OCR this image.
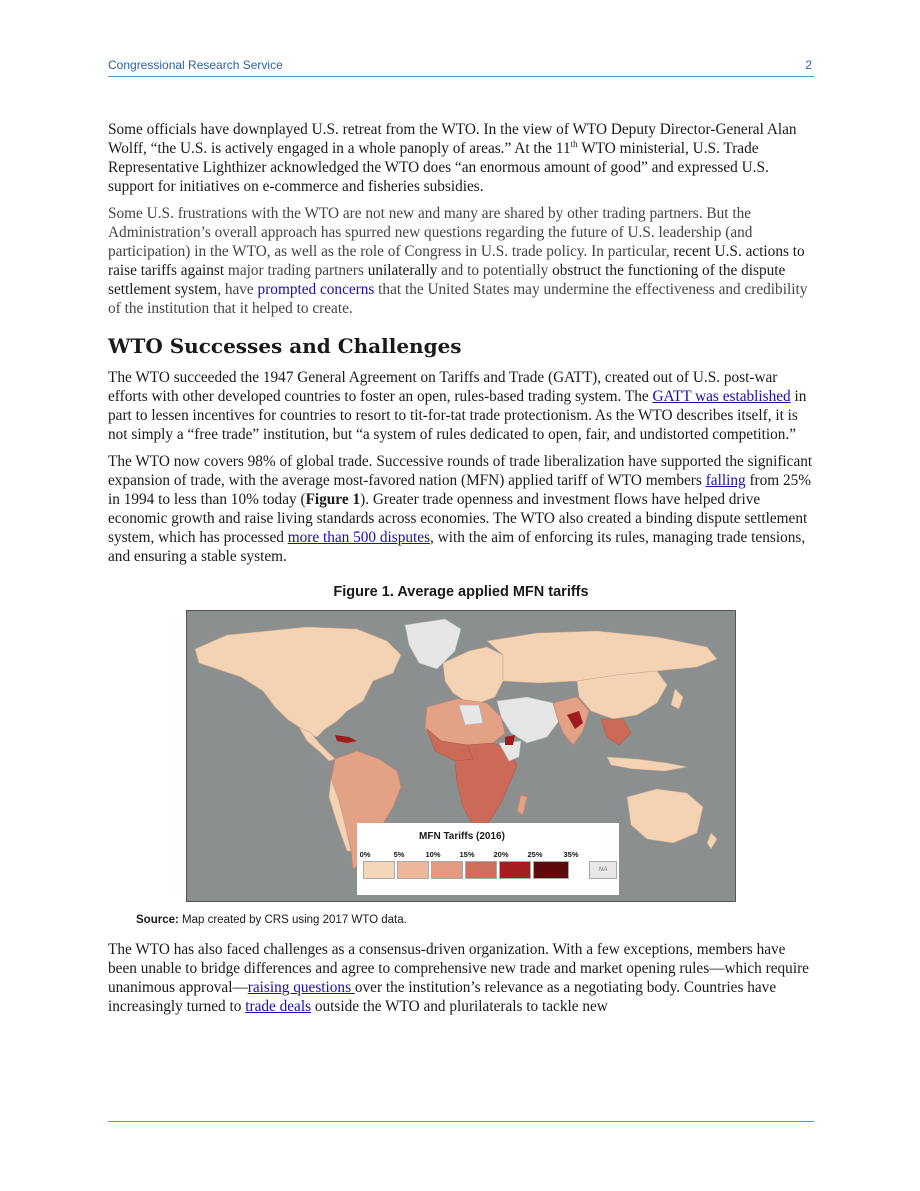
Congressional Research Service	2

Some officials have downplayed U.S. retreat from the WTO. In the view of WTO Deputy Director-General Alan Wolff, “the U.S. is actively engaged in a whole panoply of areas.” At the 11th WTO ministerial, U.S. Trade Representative Lighthizer acknowledged the WTO does “an enormous amount of good” and expressed U.S. support for initiatives on e-commerce and fisheries subsidies.

Some U.S. frustrations with the WTO are not new and many are shared by other trading partners. But the Administration’s overall approach has spurred new questions regarding the future of U.S. leadership (and participation) in the WTO, as well as the role of Congress in U.S. trade policy. In particular, recent U.S. actions to raise tariffs against major trading partners unilaterally and to potentially obstruct the functioning of the dispute settlement system, have prompted concerns that the United States may undermine the effectiveness and credibility of the institution that it helped to create.

WTO Successes and Challenges

The WTO succeeded the 1947 General Agreement on Tariffs and Trade (GATT), created out of U.S. post-war efforts with other developed countries to foster an open, rules-based trading system. The GATT was established in part to lessen incentives for countries to resort to tit-for-tat trade protectionism. As the WTO describes itself, it is not simply a “free trade” institution, but “a system of rules dedicated to open, fair, and undistorted competition.”

The WTO now covers 98% of global trade. Successive rounds of trade liberalization have supported the significant expansion of trade, with the average most-favored nation (MFN) applied tariff of WTO members falling from 25% in 1994 to less than 10% today (Figure 1). Greater trade openness and investment flows have helped drive economic growth and raise living standards across economies. The WTO also created a binding dispute settlement system, which has processed more than 500 disputes, with the aim of enforcing its rules, managing trade tensions, and ensuring a stable system.

Figure 1. Average applied MFN tariffs
MFN Tariffs (2016)
0%	5%	10%	15%	20%	25%	35%
NA
Source: Map created by CRS using 2017 WTO data.

The WTO has also faced challenges as a consensus-driven organization. With a few exceptions, members have been unable to bridge differences and agree to comprehensive new trade and market opening rules—which require unanimous approval—raising questions over the institution’s relevance as a negotiating body. Countries have increasingly turned to trade deals outside the WTO and plurilaterals to tackle new
